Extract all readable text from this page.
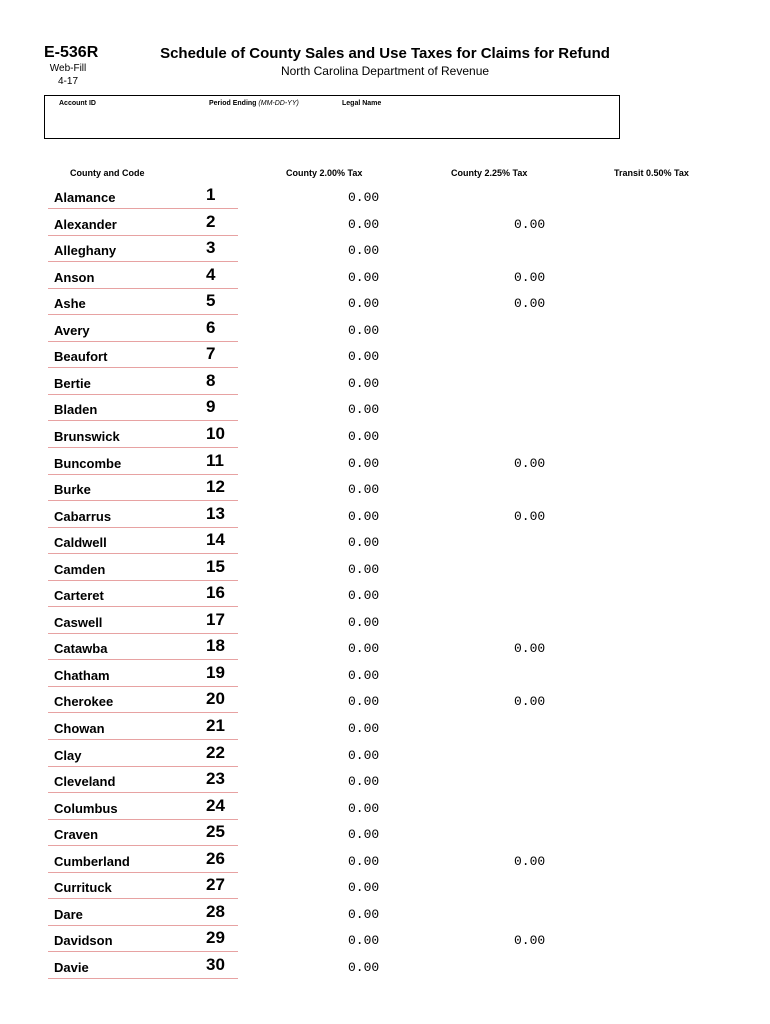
E-536R
Web-Fill
4-17
Schedule of County Sales and Use Taxes for Claims for Refund
North Carolina Department of Revenue
Account ID	Period Ending (MM-DD-YY)	Legal Name
County and Code	County 2.00% Tax	County 2.25% Tax	Transit 0.50% Tax
Alamance	1	0.00
Alexander	2	0.00	0.00
Alleghany	3	0.00
Anson	4	0.00	0.00
Ashe	5	0.00	0.00
Avery	6	0.00
Beaufort	7	0.00
Bertie	8	0.00
Bladen	9	0.00
Brunswick	10	0.00
Buncombe	11	0.00	0.00
Burke	12	0.00
Cabarrus	13	0.00	0.00
Caldwell	14	0.00
Camden	15	0.00
Carteret	16	0.00
Caswell	17	0.00
Catawba	18	0.00	0.00
Chatham	19	0.00
Cherokee	20	0.00	0.00
Chowan	21	0.00
Clay	22	0.00
Cleveland	23	0.00
Columbus	24	0.00
Craven	25	0.00
Cumberland	26	0.00	0.00
Currituck	27	0.00
Dare	28	0.00
Davidson	29	0.00	0.00
Davie	30	0.00
